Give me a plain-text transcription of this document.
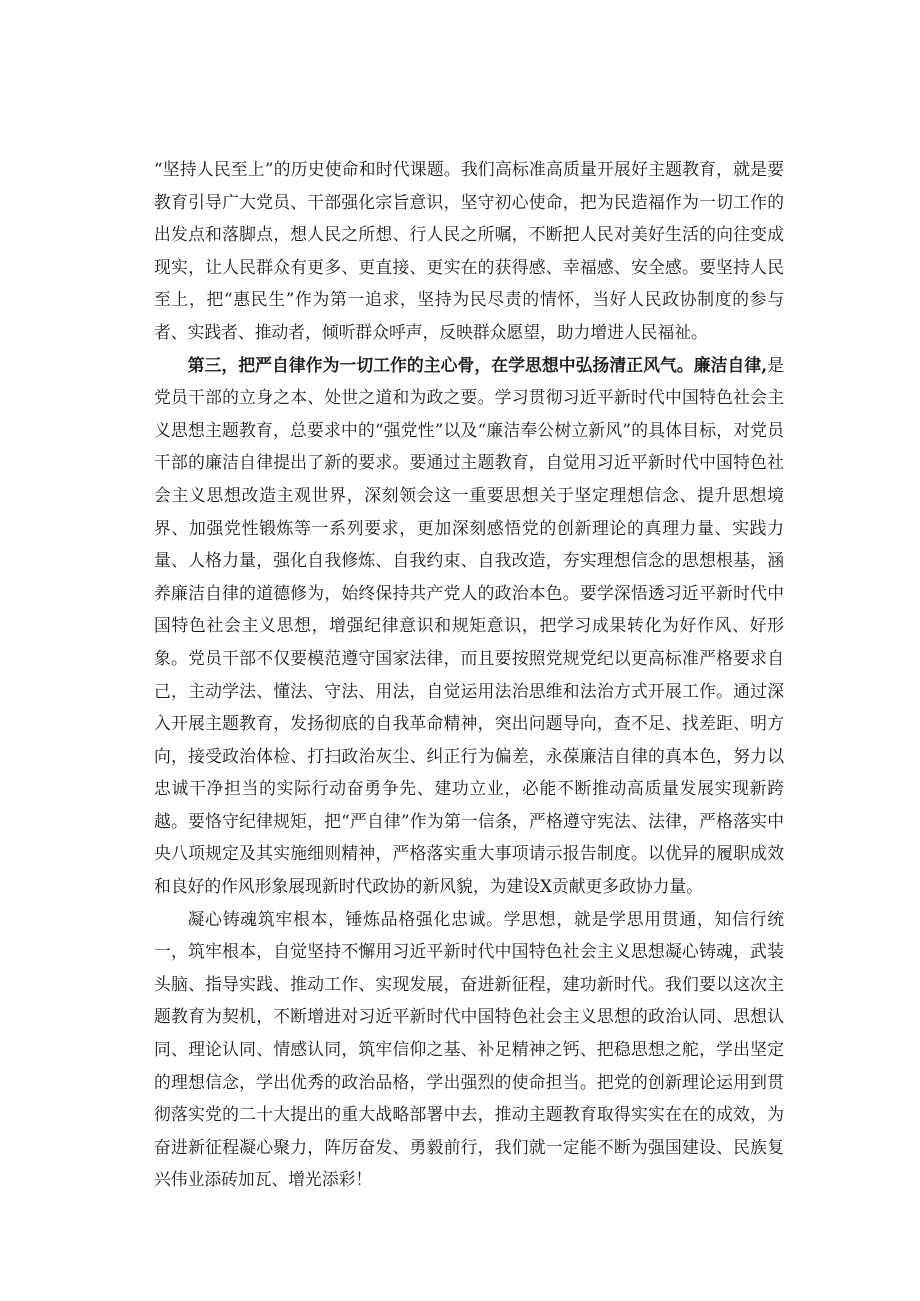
“坚持人民至上”的历史使命和时代课题。我们高标准高质量开展好主题教育，就是要教育引导广大党员、干部强化宗旨意识，坚守初心使命，把为民造福作为一切工作的出发点和落脚点，想人民之所想、行人民之所嘱，不断把人民对美好生活的向往变成现实，让人民群众有更多、更直接、更实在的获得感、幸福感、安全感。要坚持人民至上，把“惠民生”作为第一追求，坚持为民尽责的情怀，当好人民政协制度的参与者、实践者、推动者，倾听群众呼声，反映群众愿望，助力增进人民福祉。

第三，把严自律作为一切工作的主心骨，在学思想中弘扬清正风气。廉洁自律,是党员干部的立身之本、处世之道和为政之要。学习贯彻习近平新时代中国特色社会主义思想主题教育，总要求中的“强党性”以及“廉洁奉公树立新风”的具体目标，对党员干部的廉洁自律提出了新的要求。要通过主题教育，自觉用习近平新时代中国特色社会主义思想改造主观世界，深刻领会这一重要思想关于坚定理想信念、提升思想境界、加强党性锻炼等一系列要求，更加深刻感悟党的创新理论的真理力量、实践力量、人格力量，强化自我修炼、自我约束、自我改造，夯实理想信念的思想根基，涵养廉洁自律的道德修为，始终保持共产党人的政治本色。要学深悟透习近平新时代中国特色社会主义思想，增强纪律意识和规矩意识，把学习成果转化为好作风、好形象。党员干部不仅要模范遵守国家法律，而且要按照党规党纪以更高标准严格要求自己，主动学法、懂法、守法、用法，自觉运用法治思维和法治方式开展工作。通过深入开展主题教育，发扬彻底的自我革命精神，突出问题导向，查不足、找差距、明方向，接受政治体检、打扫政治灰尘、纠正行为偏差，永葆廉洁自律的真本色，努力以忠诚干净担当的实际行动奋勇争先、建功立业，必能不断推动高质量发展实现新跨越。要恪守纪律规矩，把“严自律”作为第一信条，严格遵守宪法、法律，严格落实中央八项规定及其实施细则精神，严格落实重大事项请示报告制度。以优异的履职成效和良好的作风形象展现新时代政协的新风貌，为建设X贡献更多政协力量。

凝心铸魂筑牢根本，锤炼品格强化忠诚。学思想，就是学思用贯通，知信行统一，筑牢根本，自觉坚持不懈用习近平新时代中国特色社会主义思想凝心铸魂，武装头脑、指导实践、推动工作、实现发展，奋进新征程，建功新时代。我们要以这次主题教育为契机，不断增进对习近平新时代中国特色社会主义思想的政治认同、思想认同、理论认同、情感认同，筑牢信仰之基、补足精神之钙、把稳思想之舵，学出坚定的理想信念，学出优秀的政治品格，学出强烈的使命担当。把党的创新理论运用到贯彻落实党的二十大提出的重大战略部署中去，推动主题教育取得实实在在的成效，为奋进新征程凝心聚力，阵厉奋发、勇毅前行，我们就一定能不断为强国建设、民族复兴伟业添砖加瓦、增光添彩！
